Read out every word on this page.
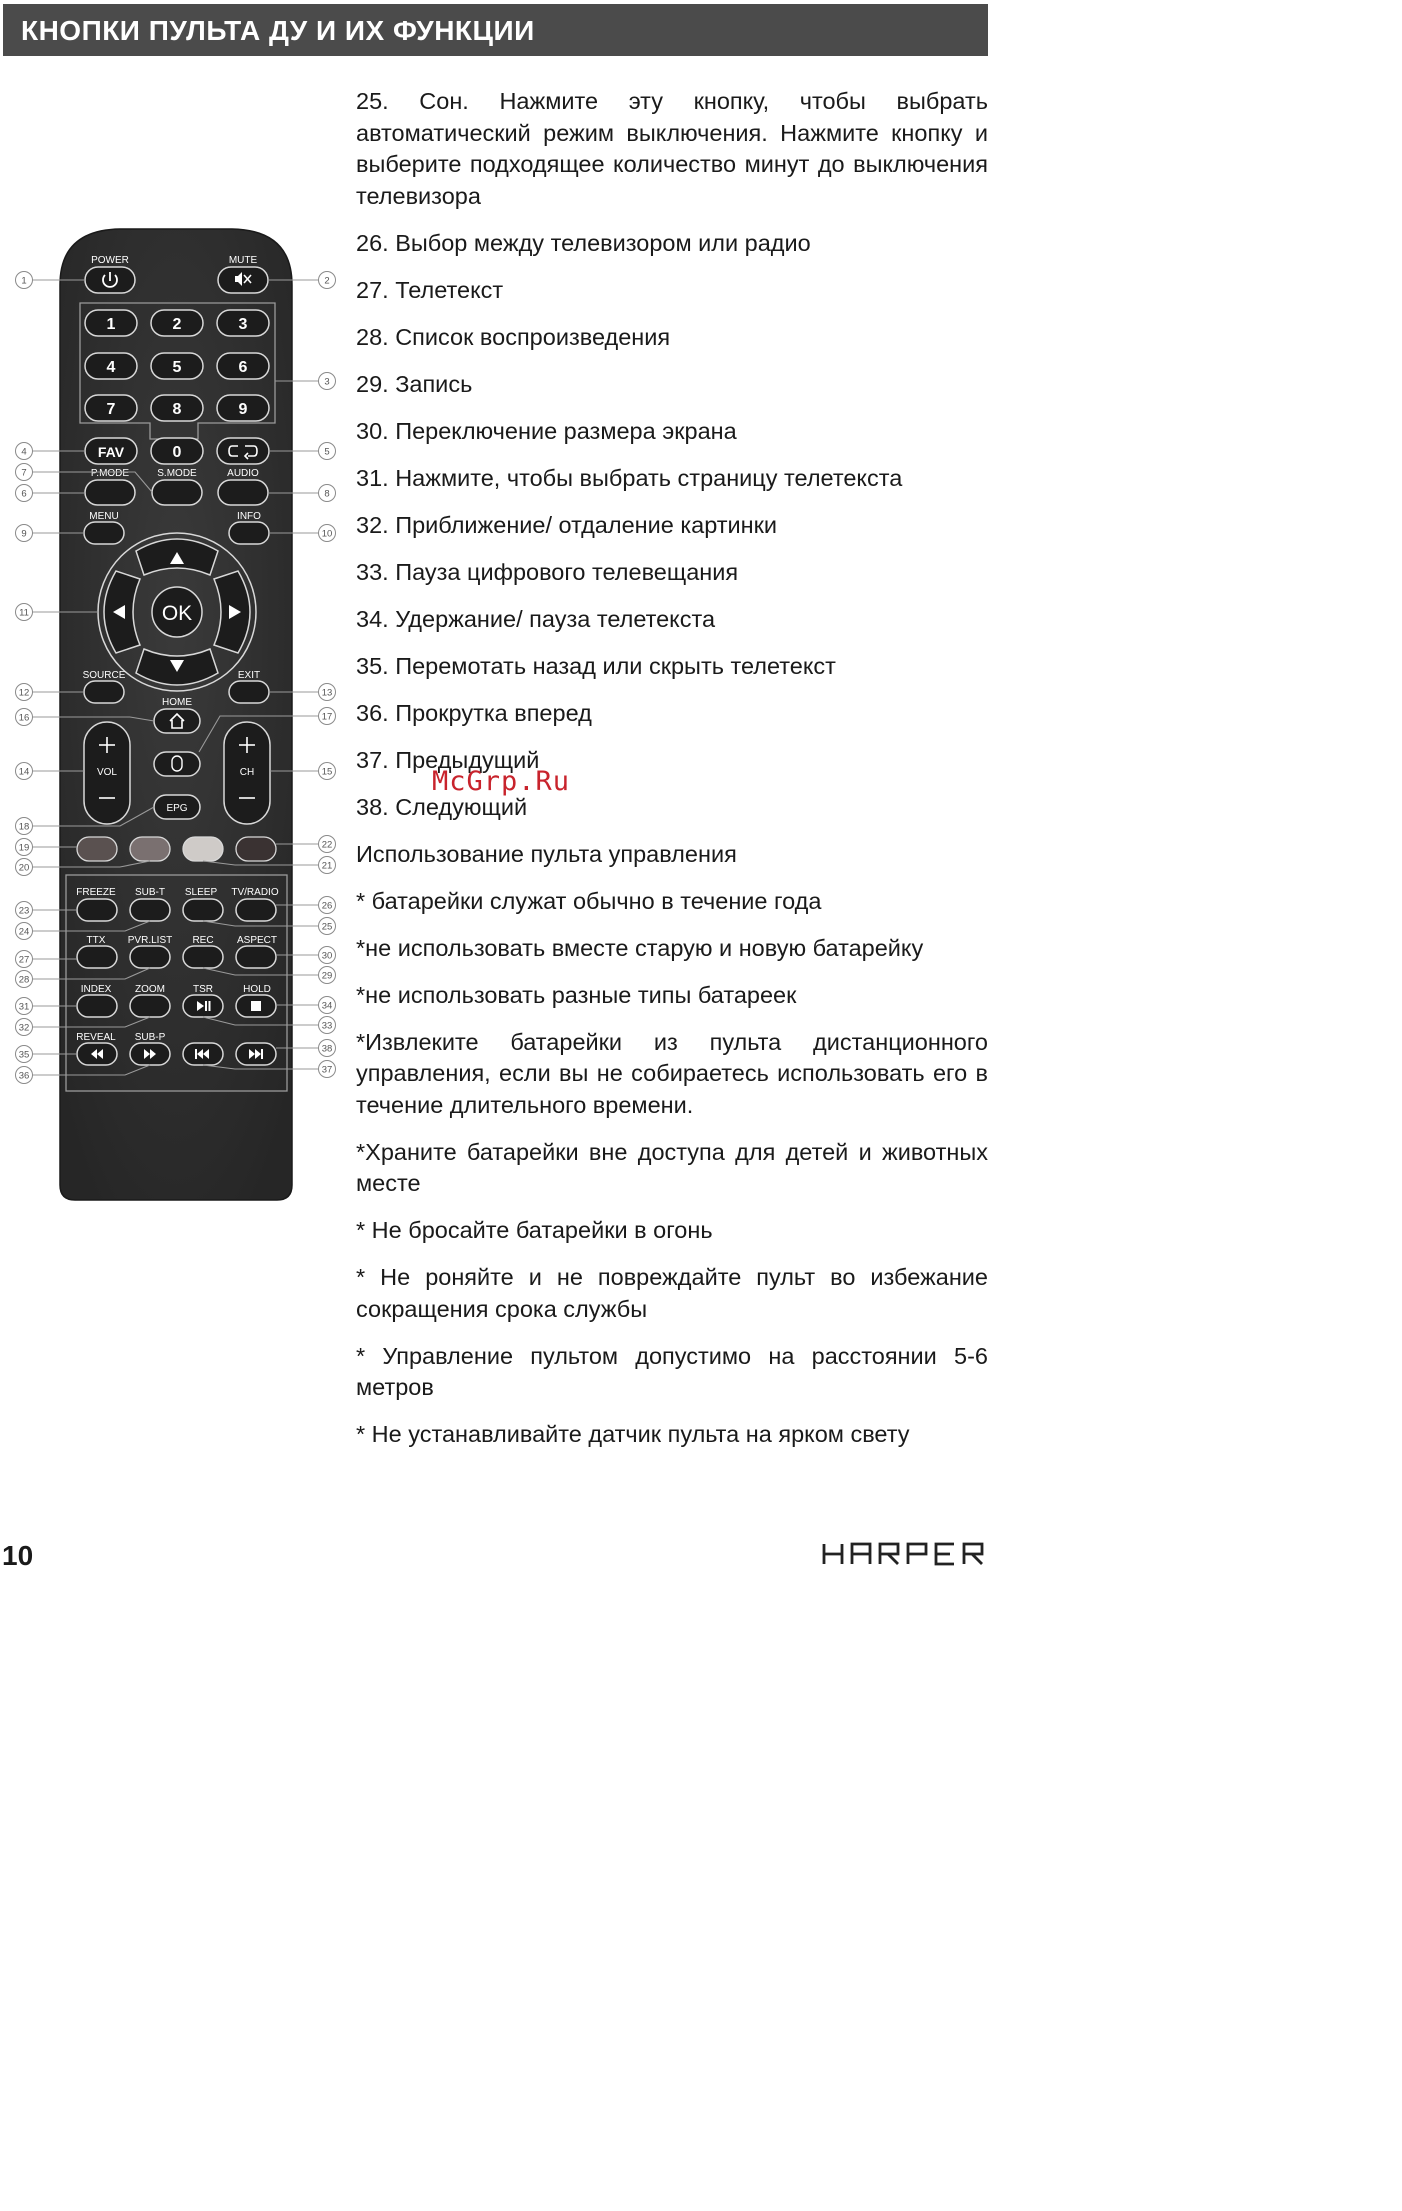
КНОПКИ ПУЛЬТА ДУ И ИХ ФУНКЦИИ
POWER	MUTE
1	2	3
4	5	6
7	8	9
FAV	0
P.MODE	S.MODE	AUDIO
MENU	INFO
OK
SOURCE	EXIT
HOME
VOL	CH
EPG
FREEZE SUB-T SLEEP TV/RADIO
TTX PVR.LIST REC ASPECT
INDEX ZOOM	TSR	HOLD
REVEAL SUB-P
1	2
3
4	5
6
7
8
9	10
11
12	13
14	15
16	17
18
19
20	21
22
23
24	25
26
27
28	29
30
31
32	33
34
35
36
37
38

25. Сон. Нажмите эту кнопку, чтобы выбрать автоматический режим выключения. Нажмите кнопку и выберите подходящее количество минут до выключения телевизора

26. Выбор между телевизором или радио

27. Телетекст

28. Список воспроизведения

29. Запись

30. Переключение размера экрана

31. Нажмите, чтобы выбрать страницу телетекста

32. Приближение/ отдаление картинки

33. Пауза цифрового телевещания

34. Удержание/ пауза телетекста

35. Перемотать назад или скрыть телетекст

36. Прокрутка вперед

37. Предыдущий

38. Следующий

Использование пульта управления

* батарейки служат обычно в течение года

*не использовать вместе старую и новую батарейку

*не использовать разные типы батареек

*Извлеките батарейки из пульта дистанционного управления, если вы не собираетесь использовать его в течение длительного времени.

*Храните батарейки вне доступа для детей и животных месте

* Не бросайте батарейки в огонь

* Не роняйте и не повреждайте пульт во избежание сокращения срока службы

* Управление пультом допустимо на расстоянии 5-6 метров

* Не устанавливайте датчик пульта на ярком свету

McGrp.Ru
10
